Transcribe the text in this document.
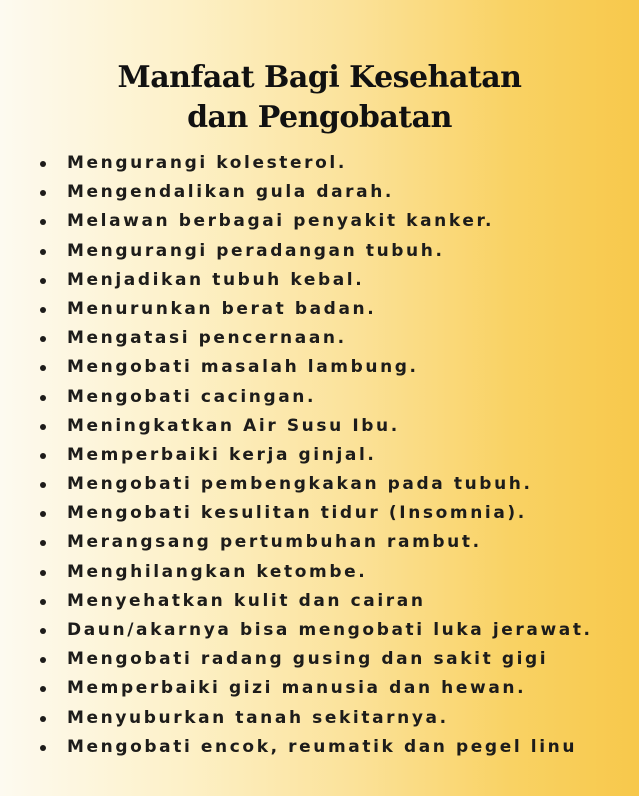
Manfaat Bagi Kesehatan
dan Pengobatan
Mengurangi kolesterol.
Mengendalikan gula darah.
Melawan berbagai penyakit kanker.
Mengurangi peradangan tubuh.
Menjadikan tubuh kebal.
Menurunkan berat badan.
Mengatasi pencernaan.
Mengobati masalah lambung.
Mengobati cacingan.
Meningkatkan Air Susu Ibu.
Memperbaiki kerja ginjal.
Mengobati pembengkakan pada tubuh.
Mengobati kesulitan tidur (Insomnia).
Merangsang pertumbuhan rambut.
Menghilangkan ketombe.
Menyehatkan kulit dan cairan
Daun/akarnya bisa mengobati luka jerawat.
Mengobati radang gusing dan sakit gigi
Memperbaiki gizi manusia dan hewan.
Menyuburkan tanah sekitarnya.
Mengobati encok, reumatik dan pegel linu
